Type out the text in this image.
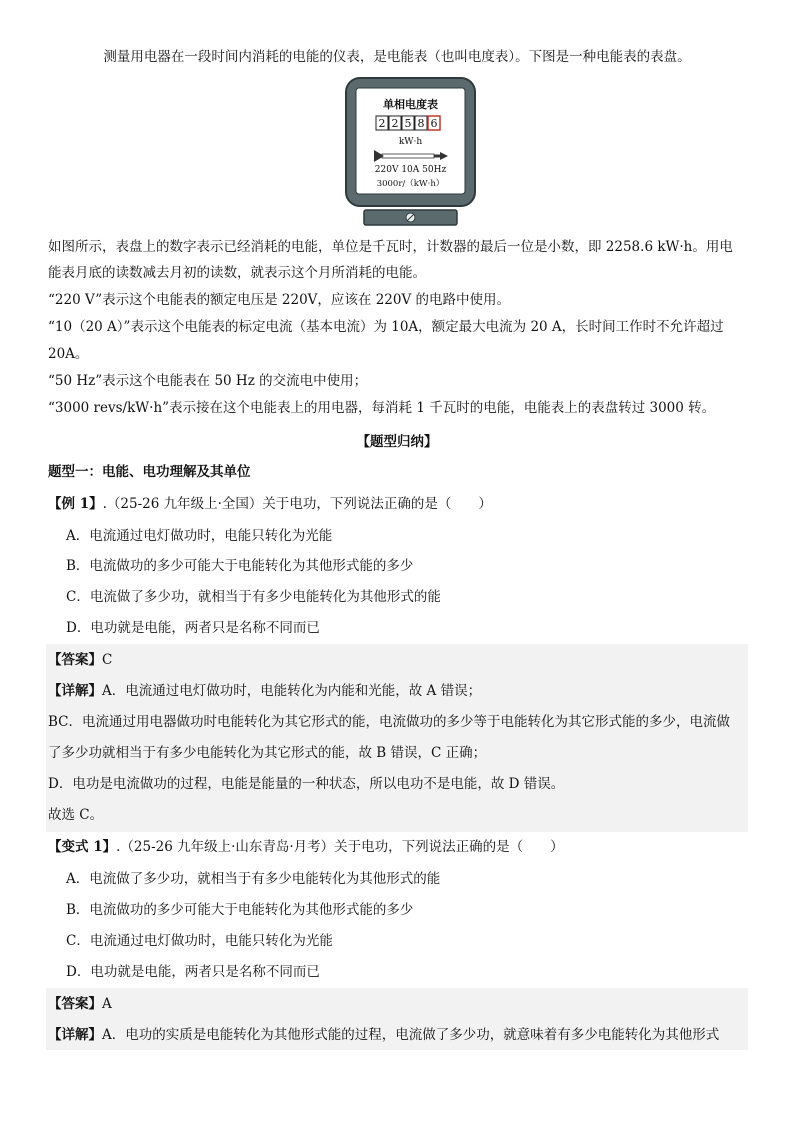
测量用电器在一段时间内消耗的电能的仪表，是电能表（也叫电度表）。下图是一种电能表的表盘。
单相电度表
2 2 5 8 6
kW·h
220V 10A 50Hz
3000r/（kW·h）
如图所示，表盘上的数字表示已经消耗的电能，单位是千瓦时，计数器的最后一位是小数，即 2258.6 kW·h。用电
能表月底的读数减去月初的读数，就表示这个月所消耗的电能。
“220 V”表示这个电能表的额定电压是 220V，应该在 220V 的电路中使用。
“10（20 A）”表示这个电能表的标定电流（基本电流）为 10A，额定最大电流为 20 A，长时间工作时不允许超过
20A。
“50 Hz”表示这个电能表在 50 Hz 的交流电中使用；
“3000 revs/kW·h”表示接在这个电能表上的用电器，每消耗 1 千瓦时的电能，电能表上的表盘转过 3000 转。
【题型归纳】
题型一：电能、电功理解及其单位
【例 1】.（25-26 九年级上·全国）关于电功，下列说法正确的是（　　）
A．电流通过电灯做功时，电能只转化为光能
B．电流做功的多少可能大于电能转化为其他形式能的多少
C．电流做了多少功，就相当于有多少电能转化为其他形式的能
D．电功就是电能，两者只是名称不同而已
【答案】C
【详解】A．电流通过电灯做功时，电能转化为内能和光能，故 A 错误；
BC．电流通过用电器做功时电能转化为其它形式的能，电流做功的多少等于电能转化为其它形式能的多少，电流做
了多少功就相当于有多少电能转化为其它形式的能，故 B 错误，C 正确；
D．电功是电流做功的过程，电能是能量的一种状态，所以电功不是电能，故 D 错误。
故选 C。
【变式 1】.（25-26 九年级上·山东青岛·月考）关于电功，下列说法正确的是（　　）
A．电流做了多少功，就相当于有多少电能转化为其他形式的能
B．电流做功的多少可能大于电能转化为其他形式能的多少
C．电流通过电灯做功时，电能只转化为光能
D．电功就是电能，两者只是名称不同而已
【答案】A
【详解】A．电功的实质是电能转化为其他形式能的过程，电流做了多少功，就意味着有多少电能转化为其他形式
